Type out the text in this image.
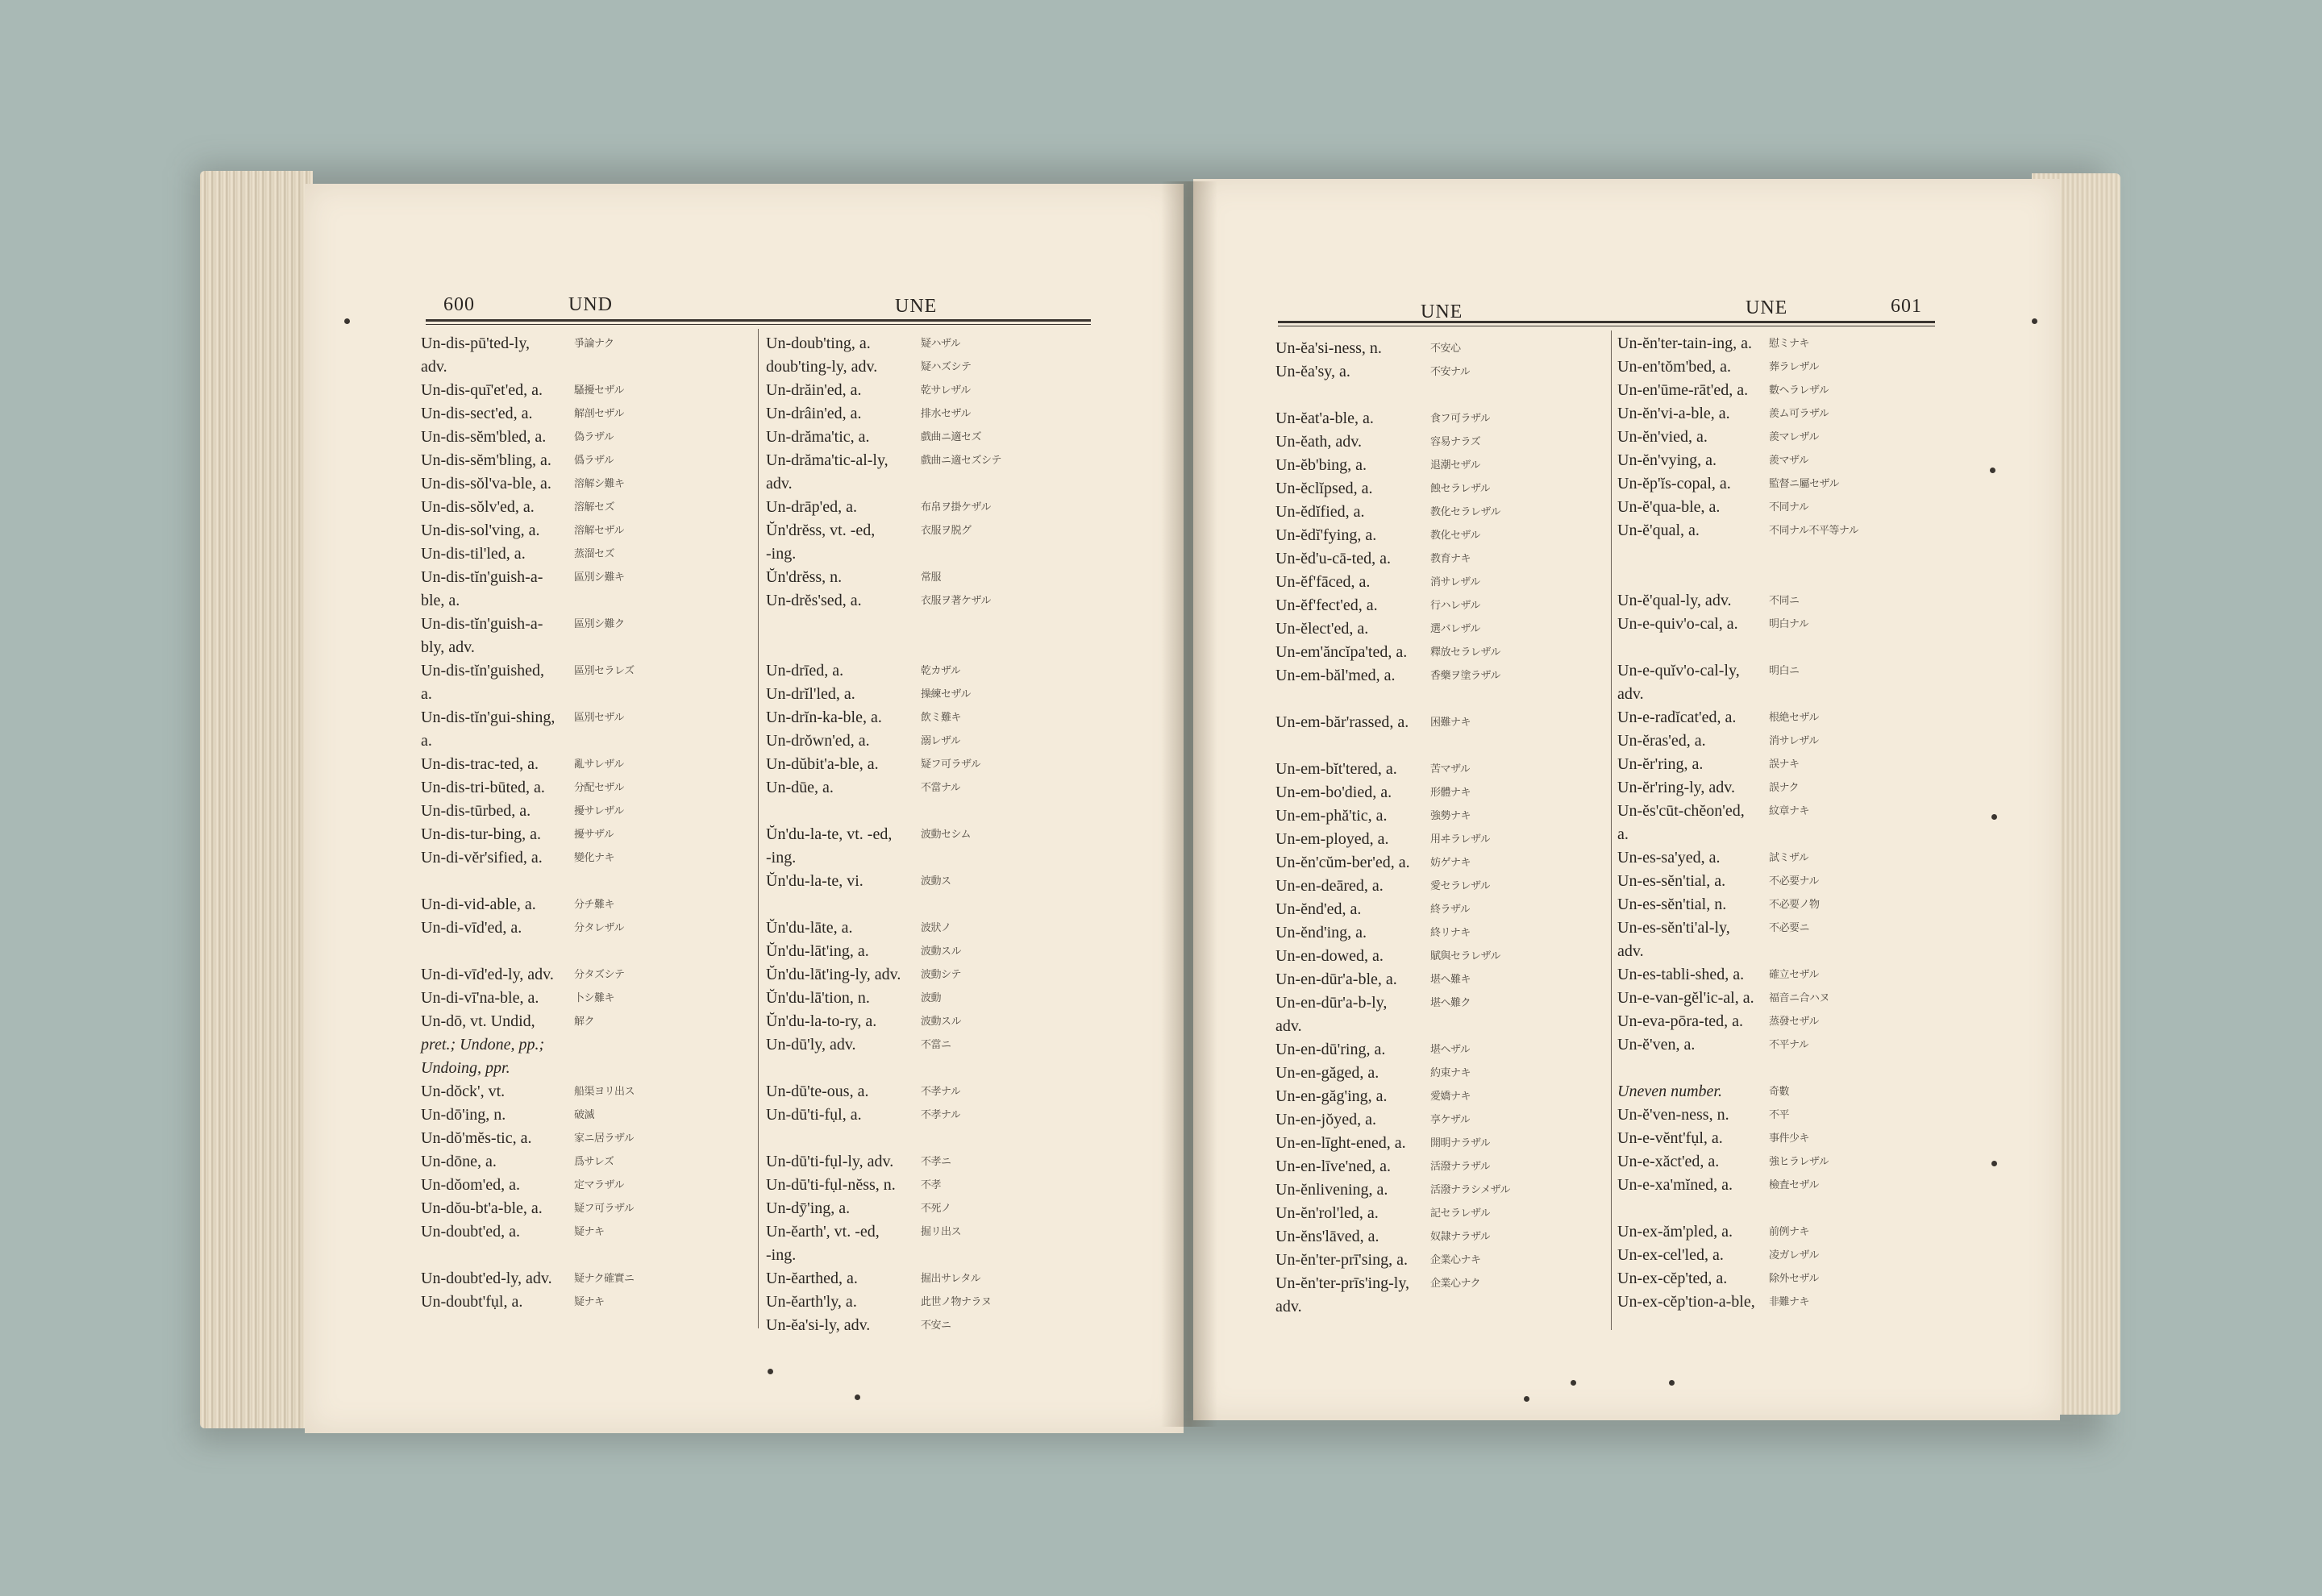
600	UND	UNE
Un-dis-pū'ted-ly,	爭論ナク
adv.
Un-dis-quī'et'ed, a.	騷擾セザル
Un-dis-sect'ed, a.	解剖セザル
Un-dis-sĕm'bled, a.	偽ラザル
Un-dis-sĕm'bling, a. 僞ラザル
Un-dis-sŏl'va-ble, a. 溶解シ難キ
Un-dis-sŏlv'ed, a.	溶解セズ
Un-dis-sol'ving, a.	溶解セザル
Un-dis-til'led, a.	蒸溜セズ
Un-dis-tĭn'guish-a-	區別シ難キ
ble, a.
Un-dis-tĭn'guish-a-	區別シ難ク
bly, adv.
Un-dis-tĭn'guished,	區別セラレズ
a.
Un-dis-tĭn'gui-shing, 區別セザル
a.
Un-dis-trac-ted, a.	亂サレザル
Un-dis-tri-būted, a.	分配セザル
Un-dis-tūrbed, a.	擾サレザル
Un-dis-tur-bing, a.	擾サザル
Un-di-vĕr'sified, a.	變化ナキ
Un-di-vid-able, a.	分チ難キ
Un-di-vīd'ed, a.	分タレザル
Un-di-vīd'ed-ly, adv. 分タズシテ
Un-di-vī'na-ble, a.	卜シ難キ
Un-dō, vt. Undid,	解ク
pret.; Undone, pp.;
Undoing, ppr.
Un-dŏck', vt.	船渠ヨリ出ス
Un-dō'ing, n.	破滅
Un-dŏ'mĕs-tic, a.	家ニ居ラザル
Un-dōne, a.	爲サレズ
Un-dŏom'ed, a.	定マラザル
Un-dŏu-bt'a-ble, a.	疑フ可ラザル
Un-doubt'ed, a.	疑ナキ
Un-doubt'ed-ly, adv. 疑ナク確實ニ
Un-doubt'fụl, a.	疑ナキ
Un-doub'ting, a.	疑ハザル
doub'ting-ly, adv.	疑ハズシテ
Un-drăin'ed, a.	乾サレザル
Un-drâin'ed, a.	排水セザル
Un-drăma'tic, a.	戲曲ニ適セズ
Un-drăma'tic-al-ly,	戲曲ニ適セズシテ
adv.
Un-drāp'ed, a.	布帛ヲ掛ケザル
Ŭn'drĕss, vt. -ed,	衣服ヲ脱グ
-ing.
Ŭn'drĕss, n.	常服
Un-drĕs'sed, a.	衣服ヲ著ケザル
Un-drīed, a.	乾カザル
Un-drĭl'led, a.	操練セザル
Un-drĭn-ka-ble, a.	飲ミ難キ
Un-drŏwn'ed, a.	溺レザル
Un-dŭbit'a-ble, a.	疑フ可ラザル
Un-dūe, a.	不當ナル
Ŭn'du-la-te, vt. -ed,	波動セシム
-ing.
Ŭn'du-la-te, vi.	波動ス
Ŭn'du-lāte, a.	波狀ノ
Ŭn'du-lāt'ing, a.	波動スル
Ŭn'du-lāt'ing-ly, adv. 波動シテ
Ŭn'du-lā'tion, n.	波動
Ŭn'du-la-to-ry, a.	波動スル
Un-dū'ly, adv.	不當ニ
Un-dū'te-ous, a.	不孝ナル
Un-dū'ti-fụl, a.	不孝ナル
Un-dū'ti-fụl-ly, adv.	不孝ニ
Un-dū'ti-fụl-nĕss, n. 不孝
Un-dȳ'ing, a.	不死ノ
Un-ĕarth', vt. -ed,	掘リ出ス
-ing.
Un-ĕarthed, a.	掘出サレタル
Un-ĕarth'ly, a.	此世ノ物ナラヌ
Un-ĕa'si-ly, adv.	不安ニ
UNE	UNE	601
Un-ĕa'si-ness, n.	不安心
Un-ĕa'sy, a.	不安ナル
Un-ĕat'a-ble, a.	食フ可ラザル
Un-ĕath, adv.	容易ナラズ
Un-ĕb'bing, a.	退潮セザル
Un-ĕclĭpsed, a.	蝕セラレザル
Un-ĕdĭfied, a.	教化セラレザル
Un-ĕdĭ'fying, a.	教化セザル
Un-ĕd'u-cā-ted, a.	教育ナキ
Un-ĕf'fāced, a.	消サレザル
Un-ĕf'fect'ed, a.	行ハレザル
Un-ĕlect'ed, a.	選バレザル
Un-em'ăncĭpa'ted, a. 釋放セラレザル
Un-em-băl'med, a.	香藥ヲ塗ラザル
Un-em-băr'rassed, a. 困難ナキ
Un-em-bĭt'tered, a.	苦マザル
Un-em-bo'died, a.	形體ナキ
Un-em-phă'tic, a.	強勢ナキ
Un-em-ployed, a.	用ヰラレザル
Un-ĕn'cŭm-ber'ed, a. 妨ゲナキ
Un-en-deāred, a.	愛セラレザル
Un-ĕnd'ed, a.	終ラザル
Un-ĕnd'ing, a.	終リナキ
Un-en-dowed, a.	賦與セラレザル
Un-en-dūr'a-ble, a.	堪ヘ難キ
Un-en-dūr'a-b-ly,	堪ヘ難ク
adv.
Un-en-dū'ring, a.	堪ヘザル
Un-en-găged, a.	約束ナキ
Un-en-găg'ing, a.	愛嬌ナキ
Un-en-jŏyed, a.	享ケザル
Un-en-līght-ened, a. 開明ナラザル
Un-en-līve'ned, a.	活潑ナラザル
Un-ĕnlivening, a.	活潑ナラシメザル
Un-ĕn'rol'led, a.	記セラレザル
Un-ĕns'lāved, a.	奴隷ナラザル
Un-ĕn'ter-prī'sing, a. 企業心ナキ
Un-ĕn'ter-prīs'ing-ly, 企業心ナク
adv.
Un-ĕn'ter-tain-ing, a. 慰ミナキ
Un-en'tŏm'bed, a.	葬ラレザル
Un-en'ūme-rāt'ed, a. 數ヘラレザル
Un-ĕn'vi-a-ble, a.	羨ム可ラザル
Un-ĕn'vied, a.	羨マレザル
Un-ĕn'vying, a.	羨マザル
Un-ĕp'ĭs-copal, a.	監督ニ屬セザル
Un-ĕ'qua-ble, a.	不同ナル
Un-ĕ'qual, a.	不同ナル不平等ナル
Un-ĕ'qual-ly, adv.	不同ニ
Un-e-quiv'o-cal, a.	明白ナル
Un-e-quĭv'o-cal-ly,	明白ニ
adv.
Un-e-radĭcat'ed, a.	根絶セザル
Un-ĕras'ed, a.	消サレザル
Un-ĕr'ring, a.	誤ナキ
Un-ĕr'ring-ly, adv.	誤ナク
Un-ĕs'cūt-chĕon'ed, 紋章ナキ
a.
Un-es-sa'yed, a.	試ミザル
Un-es-sĕn'tial, a.	不必要ナル
Un-es-sĕn'tial, n.	不必要ノ物
Un-es-sĕn'ti'al-ly,	不必要ニ
adv.
Un-es-tabli-shed, a. 確立セザル
Un-e-van-gĕl'ic-al, a. 福音ニ合ハヌ
Un-eva-pōra-ted, a. 蒸發セザル
Un-ĕ'ven, a.	不平ナル
Uneven number.	奇數
Un-ĕ'ven-ness, n.	不平
Un-e-vĕnt'fụl, a.	事件少キ
Un-e-xăct'ed, a.	強ヒラレザル
Un-e-xa'mĭned, a.	檢査セザル
Un-ex-ăm'pled, a.	前例ナキ
Un-ex-cel'led, a.	凌ガレザル
Un-ex-cĕp'ted, a.	除外セザル
Un-ex-cĕp'tion-a-ble, 非難ナキ
